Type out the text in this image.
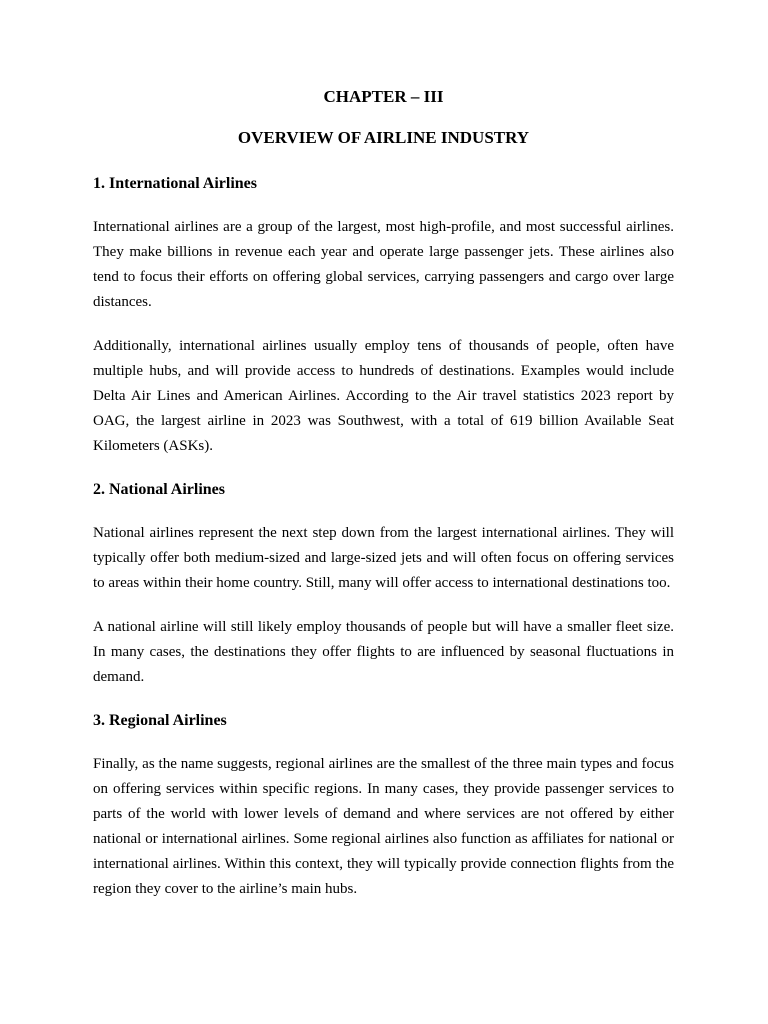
CHAPTER – III
OVERVIEW OF AIRLINE INDUSTRY
1. International Airlines

International airlines are a group of the largest, most high-profile, and most successful airlines. They make billions in revenue each year and operate large passenger jets. These airlines also tend to focus their efforts on offering global services, carrying passengers and cargo over large distances.

Additionally, international airlines usually employ tens of thousands of people, often have multiple hubs, and will provide access to hundreds of destinations. Examples would include Delta Air Lines and American Airlines. According to the Air travel statistics 2023 report by OAG, the largest airline in 2023 was Southwest, with a total of 619 billion Available Seat Kilometers (ASKs).

2. National Airlines

National airlines represent the next step down from the largest international airlines. They will typically offer both medium-sized and large-sized jets and will often focus on offering services to areas within their home country. Still, many will offer access to international destinations too.

A national airline will still likely employ thousands of people but will have a smaller fleet size. In many cases, the destinations they offer flights to are influenced by seasonal fluctuations in demand.

3. Regional Airlines

Finally, as the name suggests, regional airlines are the smallest of the three main types and focus on offering services within specific regions. In many cases, they provide passenger services to parts of the world with lower levels of demand and where services are not offered by either national or international airlines. Some regional airlines also function as affiliates for national or international airlines. Within this context, they will typically provide connection flights from the region they cover to the airline’s main hubs.
